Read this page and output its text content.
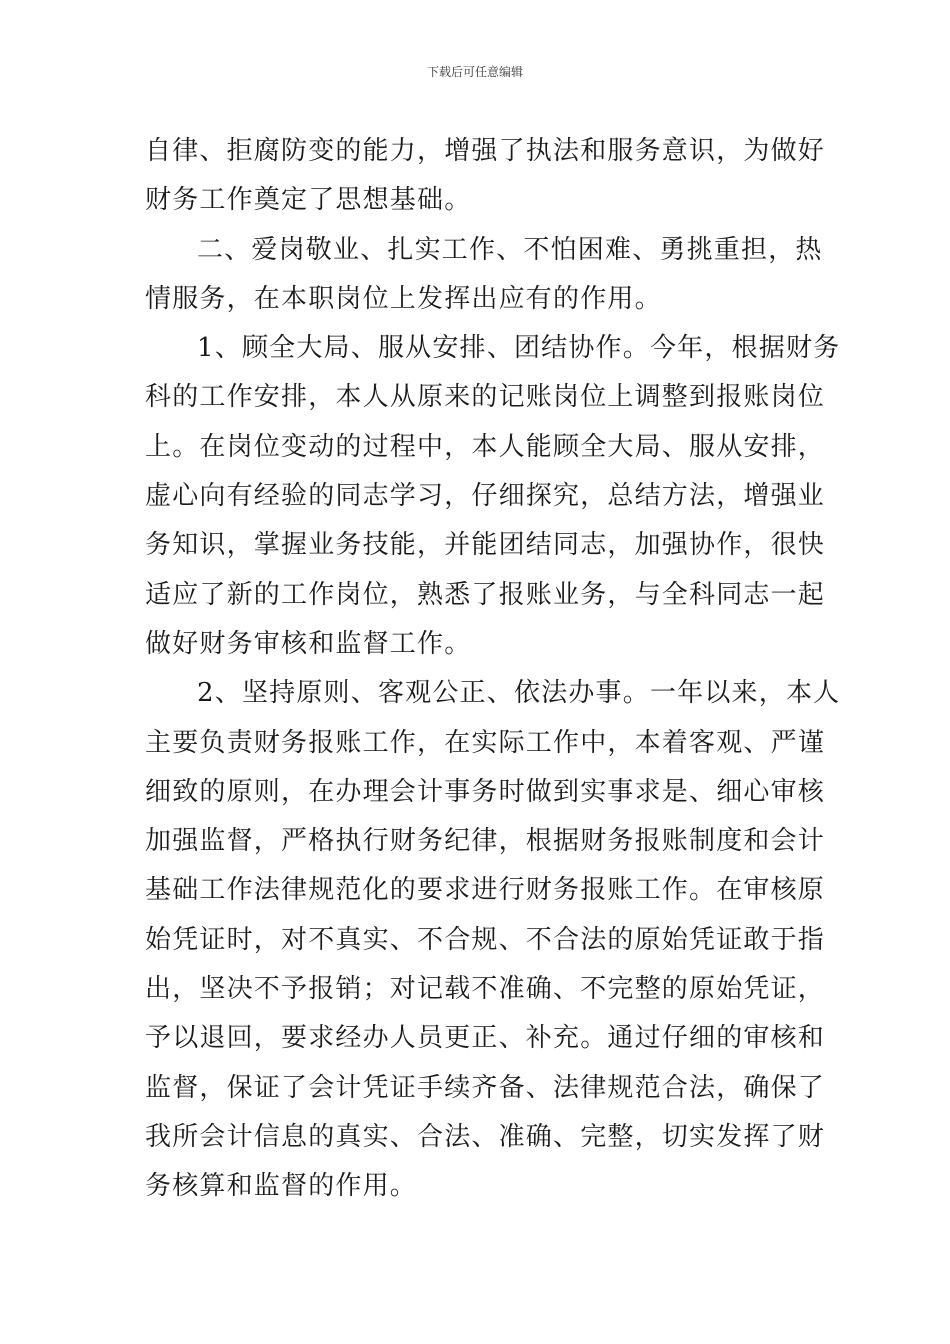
下载后可任意编辑
自律、拒腐防变的能力，增强了执法和服务意识，为做好
财务工作奠定了思想基础。
二、爱岗敬业、扎实工作、不怕困难、勇挑重担，热
情服务，在本职岗位上发挥出应有的作用。
1、顾全大局、服从安排、团结协作。今年，根据财务
科的工作安排，本人从原来的记账岗位上调整到报账岗位
上。在岗位变动的过程中，本人能顾全大局、服从安排，
虚心向有经验的同志学习，仔细探究，总结方法，增强业
务知识，掌握业务技能，并能团结同志，加强协作，很快
适应了新的工作岗位，熟悉了报账业务，与全科同志一起
做好财务审核和监督工作。
2、坚持原则、客观公正、依法办事。一年以来，本人
主要负责财务报账工作，在实际工作中，本着客观、严谨
细致的原则，在办理会计事务时做到实事求是、细心审核
加强监督，严格执行财务纪律，根据财务报账制度和会计
基础工作法律规范化的要求进行财务报账工作。在审核原
始凭证时，对不真实、不合规、不合法的原始凭证敢于指
出，坚决不予报销；对记载不准确、不完整的原始凭证，
予以退回，要求经办人员更正、补充。通过仔细的审核和
监督，保证了会计凭证手续齐备、法律规范合法，确保了
我所会计信息的真实、合法、准确、完整，切实发挥了财
务核算和监督的作用。
